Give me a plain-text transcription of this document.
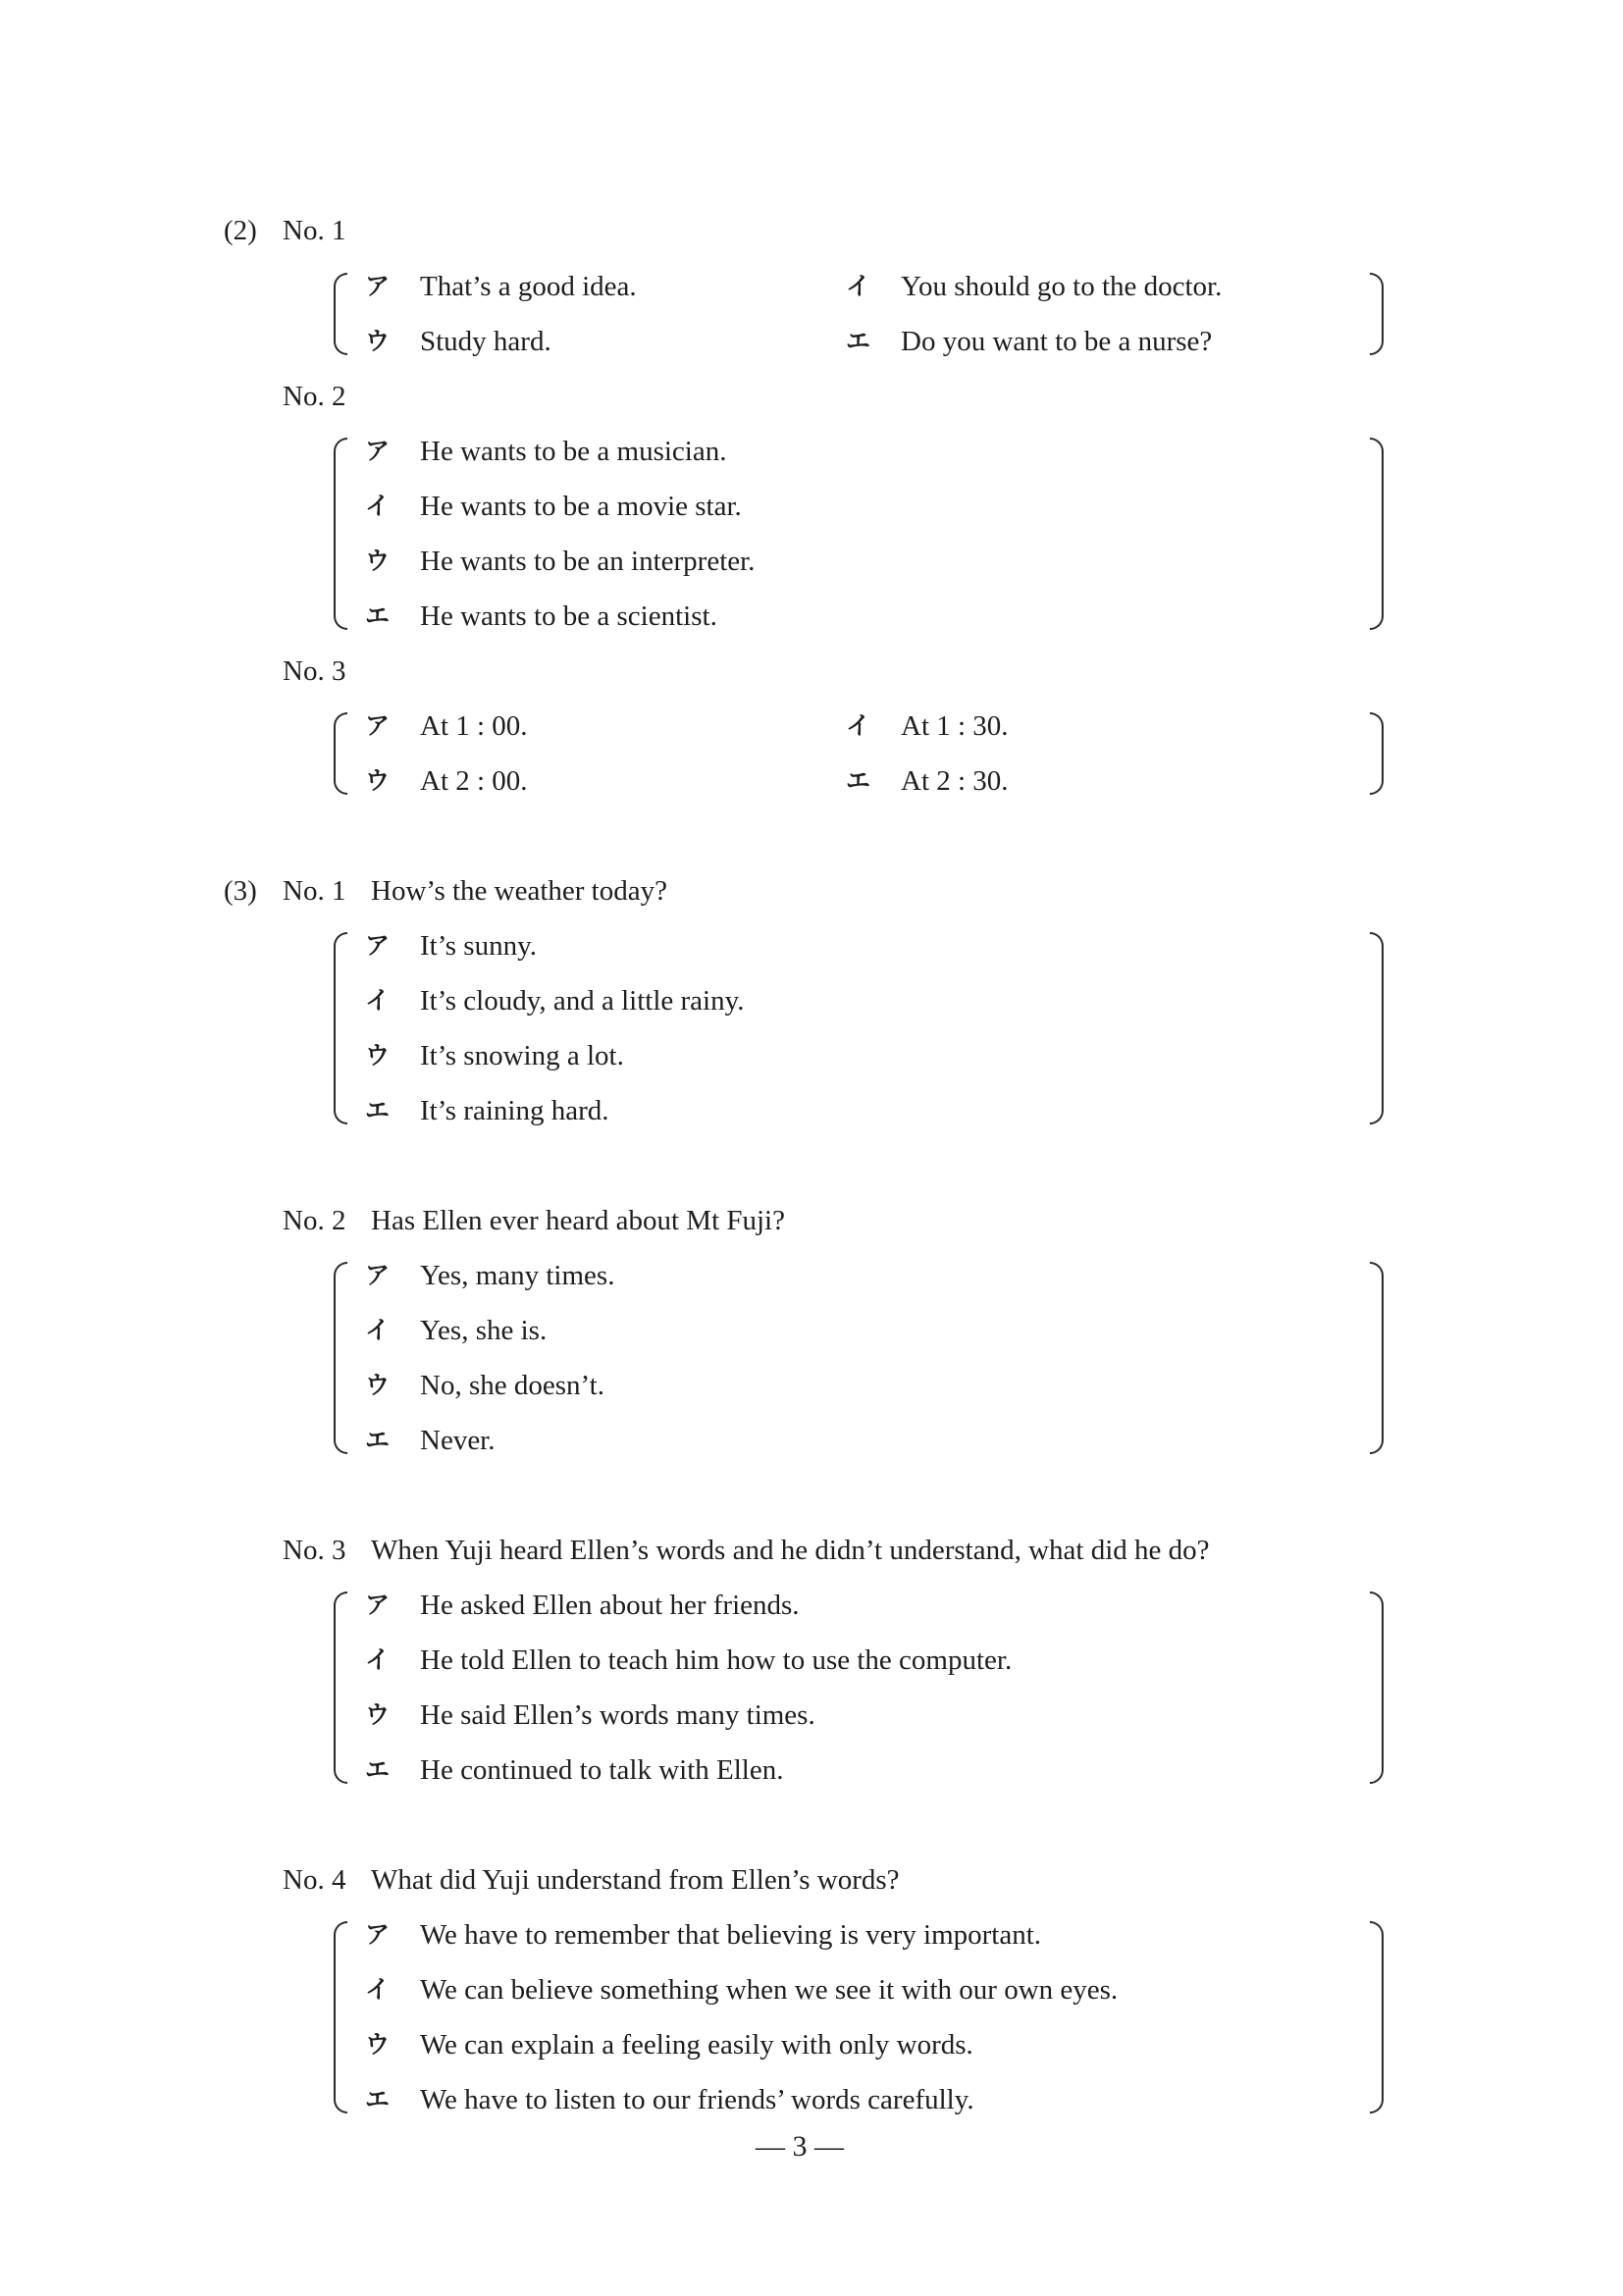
(2) No. 1
ア That’s a good idea.	イ You should go to the doctor.
ウ Study hard.	エ Do you want to be a nurse?
No. 2
ア He wants to be a musician.
イ He wants to be a movie star.
ウ He wants to be an interpreter.
エ He wants to be a scientist.
No. 3
ア At 1 : 00.	イ At 1 : 30.
ウ At 2 : 00.	エ At 2 : 30.
(3) No. 1 How’s the weather today?
ア It’s sunny.
イ It’s cloudy, and a little rainy.
ウ It’s snowing a lot.
エ It’s raining hard.
No. 2 Has Ellen ever heard about Mt Fuji?
ア Yes, many times.
イ Yes, she is.
ウ No, she doesn’t.
エ Never.
No. 3 When Yuji heard Ellen’s words and he didn’t understand, what did he do?
ア He asked Ellen about her friends.
イ He told Ellen to teach him how to use the computer.
ウ He said Ellen’s words many times.
エ He continued to talk with Ellen.
No. 4 What did Yuji understand from Ellen’s words?
ア We have to remember that believing is very important.
イ We can believe something when we see it with our own eyes.
ウ We can explain a feeling easily with only words.
エ We have to listen to our friends’ words carefully.
— 3 —
